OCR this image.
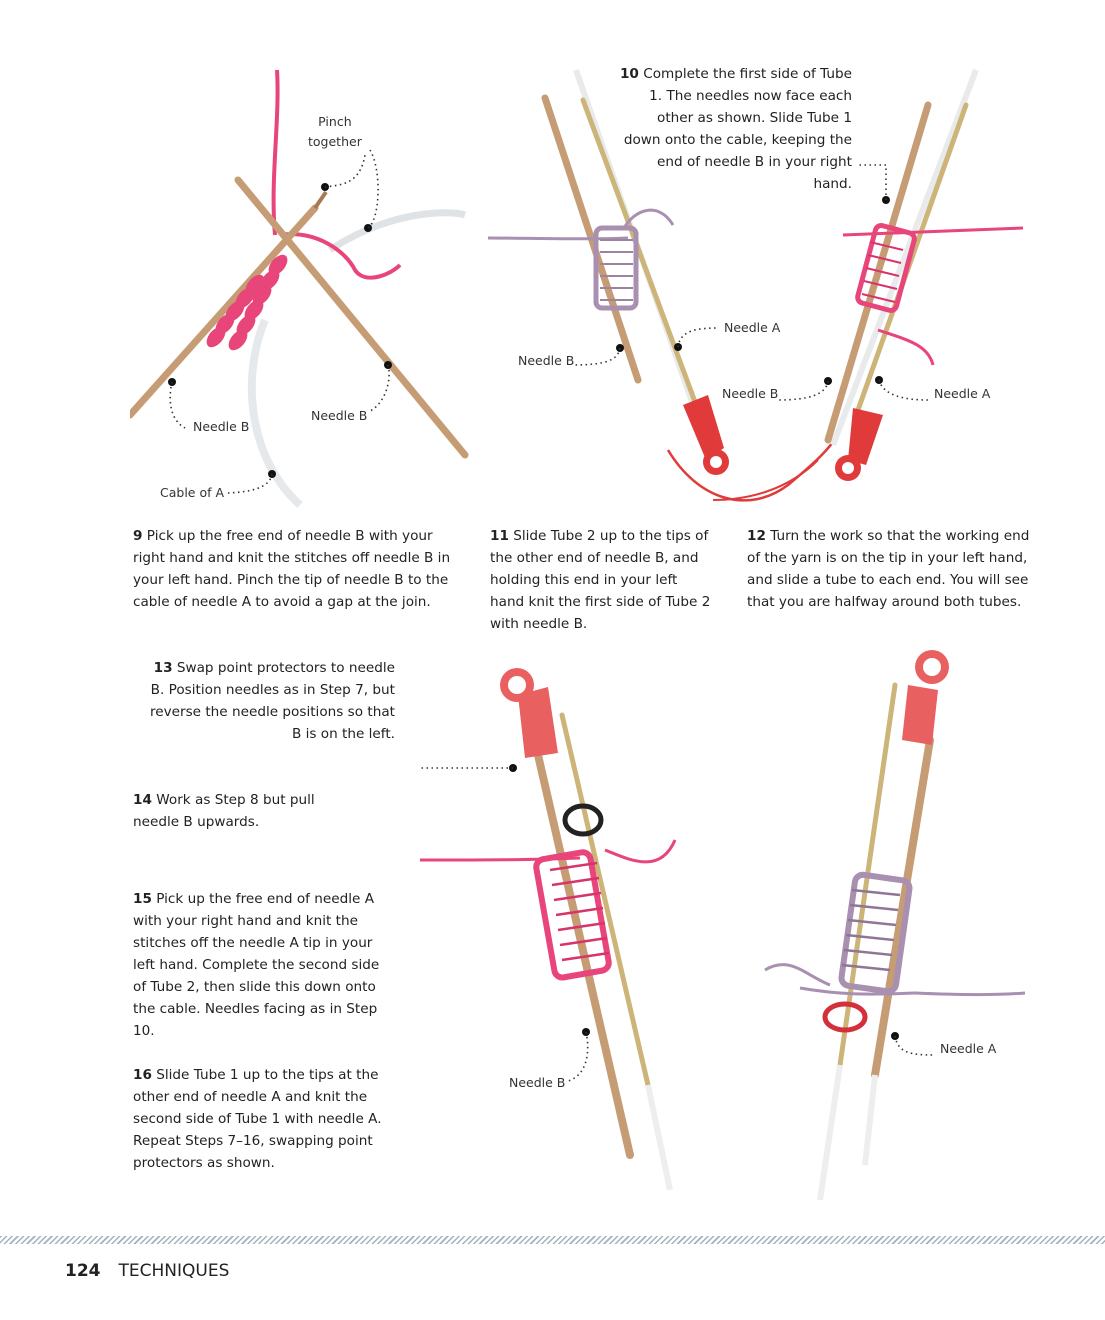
Pinch
together
Needle B
Needle B
Cable of A
Needle B
Needle A
Needle B	Needle A
10 Complete the first side of Tube 1. The needles now face each other as shown. Slide Tube 1 down onto the cable, keeping the end of needle B in your right hand.
9 Pick up the free end of needle B with your right hand and knit the stitches off needle B in your left hand. Pinch the tip of needle B to the cable of needle A to avoid a gap at the join.
11 Slide Tube 2 up to the tips of the other end of needle B, and holding this end in your left hand knit the first side of Tube 2 with needle B.
12 Turn the work so that the working end of the yarn is on the tip in your left hand, and slide a tube to each end. You will see that you are halfway around both tubes.
Needle B
Needle A
13 Swap point protectors to needle B. Position needles as in Step 7, but reverse the needle positions so that B is on the left.
14 Work as Step 8 but pull needle B upwards.
15 Pick up the free end of needle A with your right hand and knit the stitches off the needle A tip in your left hand. Complete the second side of Tube 2, then slide this down onto the cable. Needles facing as in Step 10.
16 Slide Tube 1 up to the tips at the other end of needle A and knit the second side of Tube 1 with needle A. Repeat Steps 7–16, swapping point protectors as shown.
124 TECHNIQUES
